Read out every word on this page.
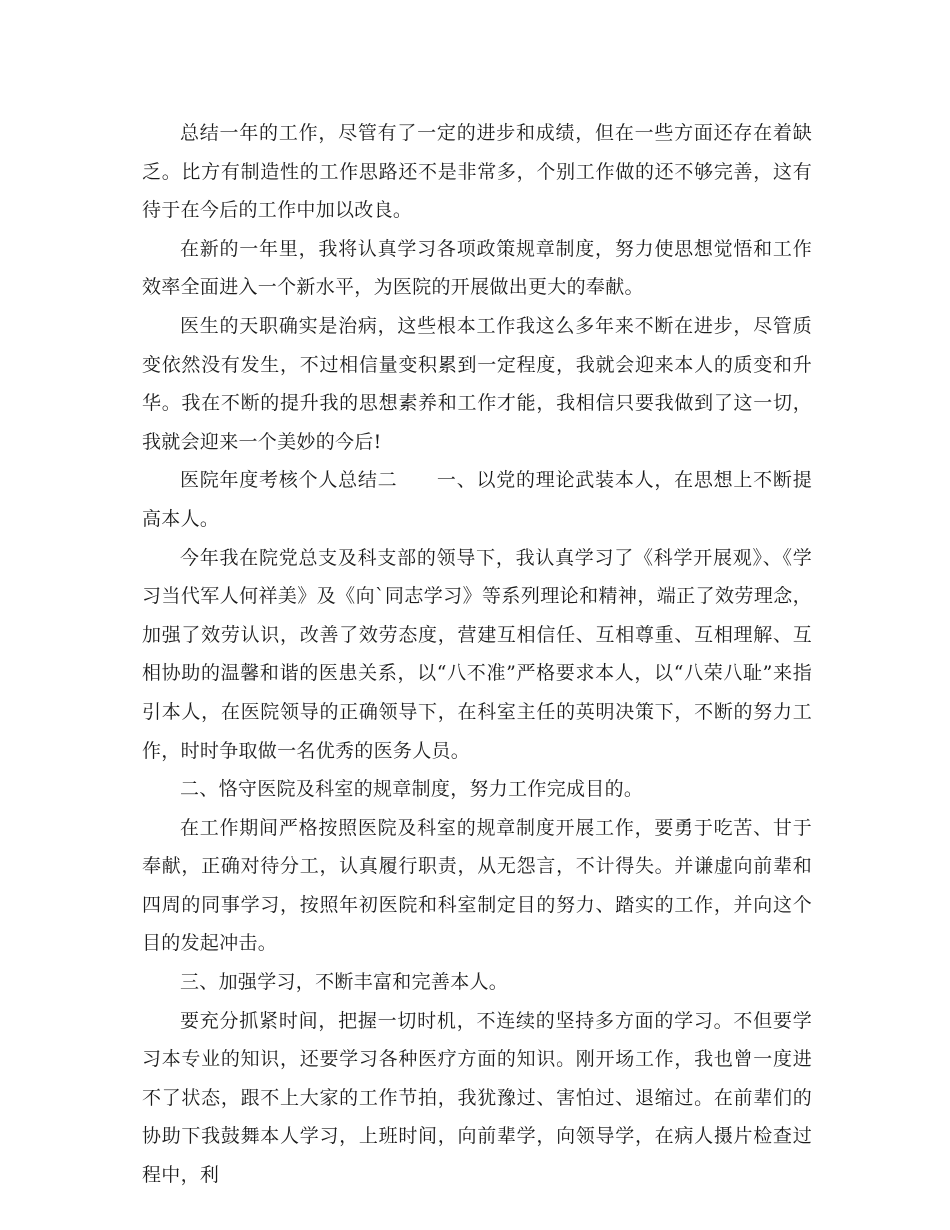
总结一年的工作，尽管有了一定的进步和成绩，但在一些方面还存在着缺乏。比方有制造性的工作思路还不是非常多，个别工作做的还不够完善，这有待于在今后的工作中加以改良。

在新的一年里，我将认真学习各项政策规章制度，努力使思想觉悟和工作效率全面进入一个新水平，为医院的开展做出更大的奉献。

医生的天职确实是治病，这些根本工作我这么多年来不断在进步，尽管质变依然没有发生，不过相信量变积累到一定程度，我就会迎来本人的质变和升华。我在不断的提升我的思想素养和工作才能，我相信只要我做到了这一切，我就会迎来一个美妙的今后!

医院年度考核个人总结二　　一、以党的理论武装本人，在思想上不断提高本人。

今年我在院党总支及科支部的领导下，我认真学习了《科学开展观》、《学习当代军人何祥美》及《向`同志学习》等系列理论和精神，端正了效劳理念，加强了效劳认识，改善了效劳态度，营建互相信任、互相尊重、互相理解、互相协助的温馨和谐的医患关系，以“八不准”严格要求本人，以“八荣八耻”来指引本人，在医院领导的正确领导下，在科室主任的英明决策下，不断的努力工作，时时争取做一名优秀的医务人员。

二、恪守医院及科室的规章制度，努力工作完成目的。

在工作期间严格按照医院及科室的规章制度开展工作，要勇于吃苦、甘于奉献，正确对待分工，认真履行职责，从无怨言，不计得失。并谦虚向前辈和四周的同事学习，按照年初医院和科室制定目的努力、踏实的工作，并向这个目的发起冲击。

三、加强学习，不断丰富和完善本人。

要充分抓紧时间，把握一切时机，不连续的坚持多方面的学习。不但要学习本专业的知识，还要学习各种医疗方面的知识。刚开场工作，我也曾一度进不了状态，跟不上大家的工作节拍，我犹豫过、害怕过、退缩过。在前辈们的协助下我鼓舞本人学习，上班时间，向前辈学，向领导学，在病人摄片检查过程中，利
